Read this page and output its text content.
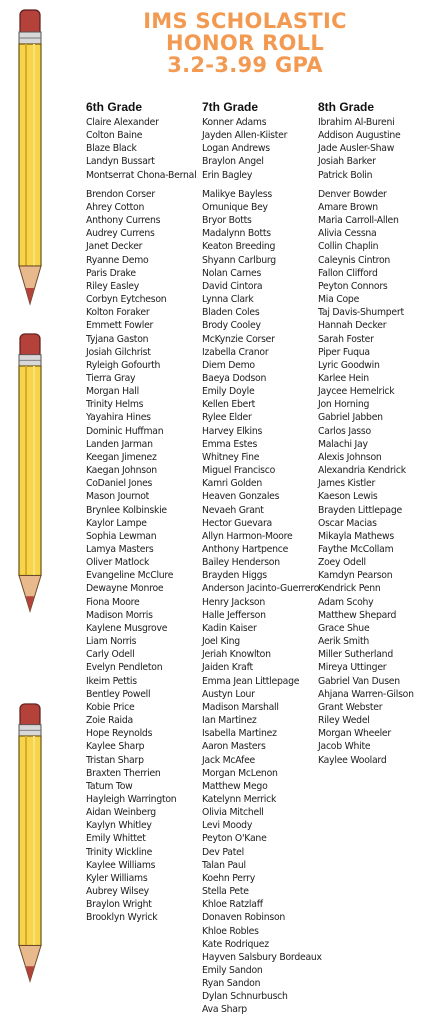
IMS SCHOLASTIC
HONOR ROLL
3.2-3.99 GPA
6th Grade
Claire Alexander
Colton Baine
Blaze Black
Landyn Bussart
Montserrat Chona-Bernal
Brendon Corser
Ahrey Cotton
Anthony Currens
Audrey Currens
Janet Decker
Ryanne Demo
Paris Drake
Riley Easley
Corbyn Eytcheson
Kolton Foraker
Emmett Fowler
Tyjana Gaston
Josiah Gilchrist
Ryleigh Gofourth
Tierra Gray
Morgan Hall
Trinity Helms
Yayahira Hines
Dominic Huffman
Landen Jarman
Keegan Jimenez
Kaegan Johnson
CoDaniel Jones
Mason Journot
Brynlee Kolbinskie
Kaylor Lampe
Sophia Lewman
Lamya Masters
Oliver Matlock
Evangeline McClure
Dewayne Monroe
Fiona Moore
Madison Morris
Kaylene Musgrove
Liam Norris
Carly Odell
Evelyn Pendleton
Ikeim Pettis
Bentley Powell
Kobie Price
Zoie Raida
Hope Reynolds
Kaylee Sharp
Tristan Sharp
Braxten Therrien
Tatum Tow
Hayleigh Warrington
Aidan Weinberg
Kaylyn Whitley
Emily Whittet
Trinity Wickline
Kaylee Williams
Kyler Williams
Aubrey Wilsey
Braylon Wright
Brooklyn Wyrick
7th Grade
Konner Adams
Jayden Allen-Kiister
Logan Andrews
Braylon Angel
Erin Bagley
Malikye Bayless
Omunique Bey
Bryor Botts
Madalynn Botts
Keaton Breeding
Shyann Carlburg
Nolan Carnes
David Cintora
Lynna Clark
Bladen Coles
Brody Cooley
McKynzie Corser
Izabella Cranor
Diem Demo
Baeya Dodson
Emily Doyle
Kellen Ebert
Rylee Elder
Harvey Elkins
Emma Estes
Whitney Fine
Miguel Francisco
Kamri Golden
Heaven Gonzales
Nevaeh Grant
Hector Guevara
Allyn Harmon-Moore
Anthony Hartpence
Bailey Henderson
Brayden Higgs
Anderson Jacinto-Guerrero
Henry Jackson
Halle Jefferson
Kadin Kaiser
Joel King
Jeriah Knowlton
Jaiden Kraft
Emma Jean Littlepage
Austyn Lour
Madison Marshall
Ian Martinez
Isabella Martinez
Aaron Masters
Jack McAfee
Morgan McLenon
Matthew Mego
Katelynn Merrick
Olivia Mitchell
Levi Moody
Peyton O'Kane
Dev Patel
Talan Paul
Koehn Perry
Stella Pete
Khloe Ratzlaff
Donaven Robinson
Khloe Robles
Kate Rodriquez
Hayven Salsbury Bordeaux
Emily Sandon
Ryan Sandon
Dylan Schnurbusch
Ava Sharp
8th Grade
Ibrahim Al-Bureni
Addison Augustine
Jade Ausler-Shaw
Josiah Barker
Patrick Bolin
Denver Bowder
Amare Brown
Maria Carroll-Allen
Alivia Cessna
Collin Chaplin
Caleynis Cintron
Fallon Clifford
Peyton Connors
Mia Cope
Taj Davis-Shumpert
Hannah Decker
Sarah Foster
Piper Fuqua
Lyric Goodwin
Karlee Hein
Jaycee Hemelrick
Jon Horning
Gabriel Jabben
Carlos Jasso
Malachi Jay
Alexis Johnson
Alexandria Kendrick
James Kistler
Kaeson Lewis
Brayden Littlepage
Oscar Macias
Mikayla Mathews
Faythe McCollam
Zoey Odell
Kamdyn Pearson
Kendrick Penn
Adam Scohy
Matthew Shepard
Grace Shue
Aerik Smith
Miller Sutherland
Mireya Uttinger
Gabriel Van Dusen
Ahjana Warren-Gilson
Grant Webster
Riley Wedel
Morgan Wheeler
Jacob White
Kaylee Woolard
